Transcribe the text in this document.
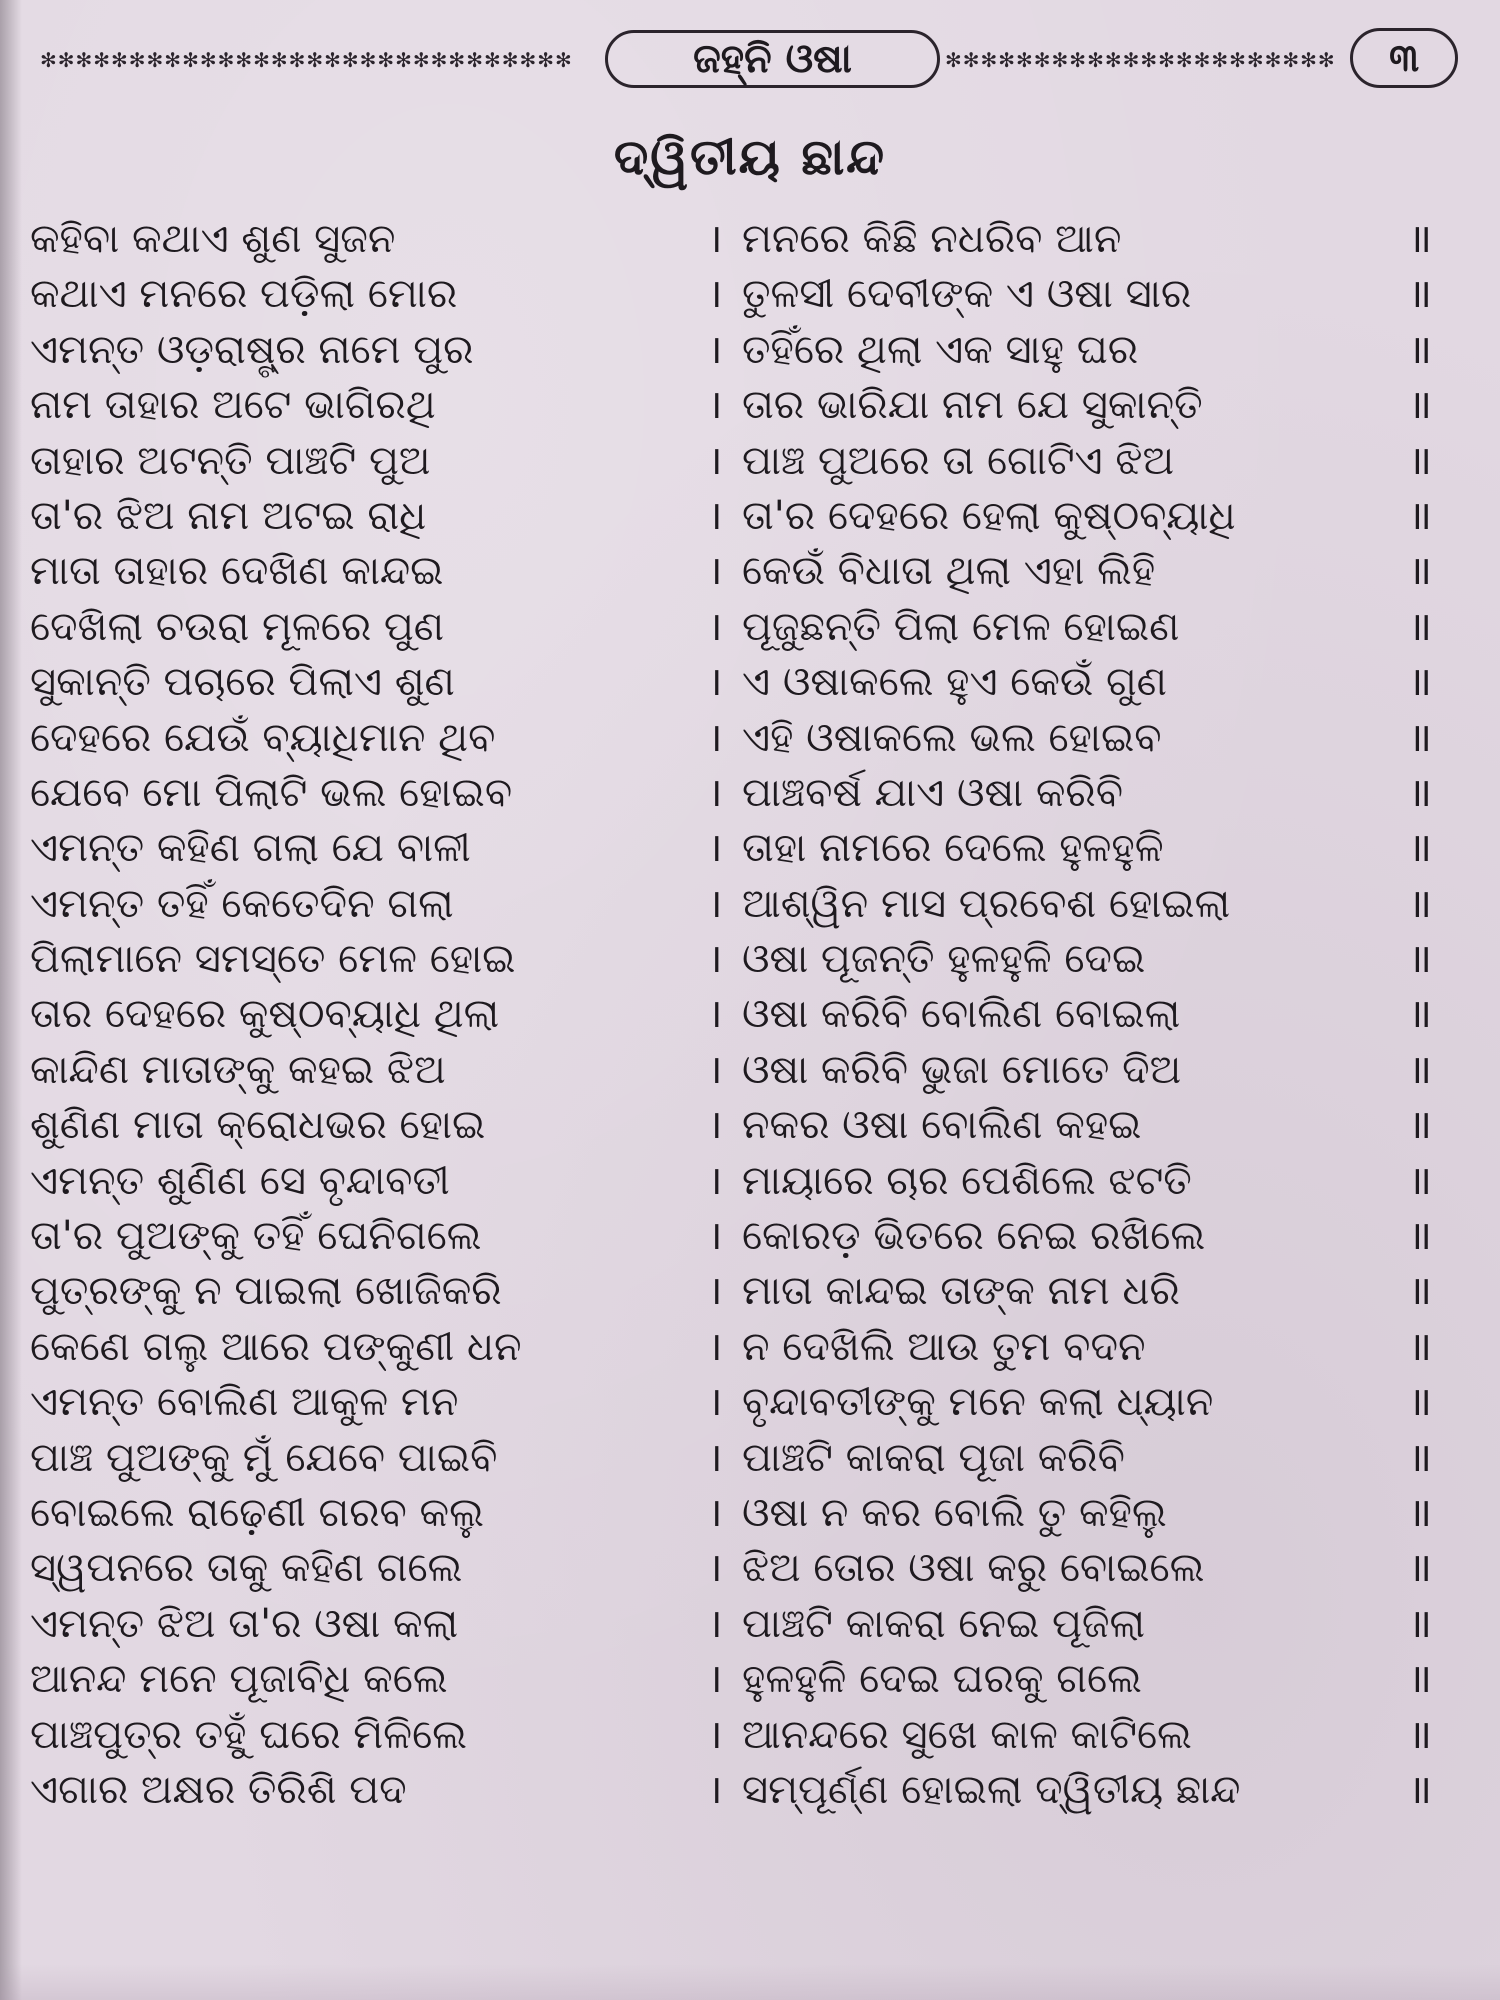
✻✻✻✻✻✻✻✻✻✻✻✻✻✻✻✻✻✻✻✻✻✻✻✻✻✻✻✻✻✻	ଜହ୍ନି ଓଷା	✻✻✻✻✻✻✻✻✻✻✻✻✻✻✻✻✻✻✻✻✻✻	୩
ଦ୍ୱିତୀୟ ଛାନ୍ଦ
କହିବା କଥାଏ ଶୁଣ ସୁଜନ	। ମନରେ କିଛି ନଧରିବ ଆନ	॥
କଥାଏ ମନରେ ପଡ଼ିଲା ମୋର	। ତୁଳସୀ ଦେବୀଙ୍କ ଏ ଓଷା ସାର	॥
ଏମନ୍ତ ଓଡ଼ରାଷ୍ଟ୍ର ନାମେ ପୁର	। ତହିଁରେ ଥିଲା ଏକ ସାହୁ ଘର	॥
ନାମ ତାହାର ଅଟେ ଭାଗିରଥି	। ତାର ଭାରିଯା ନାମ ଯେ ସୁକାନ୍ତି	॥
ତାହାର ଅଟନ୍ତି ପାଞ୍ଚଟି ପୁଅ	। ପାଞ୍ଚ ପୁଅରେ ତା ଗୋଟିଏ ଝିଅ	॥
ତା'ର ଝିଅ ନାମ ଅଟଇ ରାଧି	। ତା'ର ଦେହରେ ହେଲା କୁଷ୍ଠବ୍ୟାଧି	॥
ମାତା ତାହାର ଦେଖିଣ କାନ୍ଦଇ	। କେଉଁ ବିଧାତା ଥିଲା ଏହା ଲିହି	॥
ଦେଖିଲା ଚଉରା ମୂଳରେ ପୁଣ	। ପୂଜୁଛନ୍ତି ପିଲା ମେଳ ହୋଇଣ	॥
ସୁକାନ୍ତି ପଚାରେ ପିଲାଏ ଶୁଣ	। ଏ ଓଷାକଲେ ହୁଏ କେଉଁ ଗୁଣ	॥
ଦେହରେ ଯେଉଁ ବ୍ୟାଧିମାନ ଥିବ	। ଏହି ଓଷାକଲେ ଭଲ ହୋଇବ	॥
ଯେବେ ମୋ ପିଲାଟି ଭଲ ହୋଇବ	। ପାଞ୍ଚବର୍ଷ ଯାଏ ଓଷା କରିବି	॥
ଏମନ୍ତ କହିଣ ଗଲା ଯେ ବାଳୀ	। ତାହା ନାମରେ ଦେଲେ ହୁଳହୁଳି	॥
ଏମନ୍ତ ତହିଁ କେତେଦିନ ଗଲା	। ଆଶ୍ୱିନ ମାସ ପ୍ରବେଶ ହୋଇଲା	॥
ପିଲାମାନେ ସମସ୍ତେ ମେଳ ହୋଇ	। ଓଷା ପୂଜନ୍ତି ହୁଳହୁଳି ଦେଇ	॥
ତାର ଦେହରେ କୁଷ୍ଠବ୍ୟାଧି ଥିଲା	। ଓଷା କରିବି ବୋଲିଣ ବୋଇଲା	॥
କାନ୍ଦିଣ ମାତାଙ୍କୁ କହଇ ଝିଅ	। ଓଷା କରିବି ଭୁଜା ମୋତେ ଦିଅ	॥
ଶୁଣିଣ ମାତା କ୍ରୋଧଭର ହୋଇ	। ନକର ଓଷା ବୋଲିଣ କହଇ	॥
ଏମନ୍ତ ଶୁଣିଣ ସେ ବୃନ୍ଦାବତୀ	। ମାୟାରେ ଚାର ପେଶିଲେ ଝଟତି	॥
ତା'ର ପୁଅଙ୍କୁ ତହିଁ ଘେନିଗଲେ	। କୋରଡ଼ ଭିତରେ ନେଇ ରଖିଲେ	॥
ପୁତ୍ରଙ୍କୁ ନ ପାଇଲା ଖୋଜିକରି	। ମାତା କାନ୍ଦଇ ତାଙ୍କ ନାମ ଧରି	॥
କେଣେ ଗଲୁ ଆରେ ପଙ୍କୁଣୀ ଧନ	। ନ ଦେଖିଲି ଆଉ ତୁମ ବଦନ	॥
ଏମନ୍ତ ବୋଲିଣ ଆକୁଳ ମନ	। ବୃନ୍ଦାବତୀଙ୍କୁ ମନେ କଲା ଧ୍ୟାନ	॥
ପାଞ୍ଚ ପୁଅଙ୍କୁ ମୁଁ ଯେବେ ପାଇବି	। ପାଞ୍ଚଟି କାକରା ପୂଜା କରିବି	॥
ବୋଇଲେ ରାଢ଼େଣୀ ଗରବ କଲୁ	। ଓଷା ନ କର ବୋଲି ତୁ କହିଲୁ	॥
ସ୍ୱପନରେ ତାକୁ କହିଣ ଗଲେ	। ଝିଅ ତୋର ଓଷା କରୁ ବୋଇଲେ	॥
ଏମନ୍ତ ଝିଅ ତା'ର ଓଷା କଲା	। ପାଞ୍ଚଟି କାକରା ନେଇ ପୂଜିଲା	॥
ଆନନ୍ଦ ମନେ ପୂଜାବିଧି କଲେ	। ହୁଳହୁଳି ଦେଇ ଘରକୁ ଗଲେ	॥
ପାଞ୍ଚପୁତ୍ର ତହୁଁ ଘରେ ମିଳିଲେ	। ଆନନ୍ଦରେ ସୁଖେ କାଳ କାଟିଲେ	॥
ଏଗାର ଅକ୍ଷର ତିରିଶି ପଦ	। ସମ୍ପୂର୍ଣ୍ଣ ହୋଇଲା ଦ୍ୱିତୀୟ ଛାନ୍ଦ	॥
